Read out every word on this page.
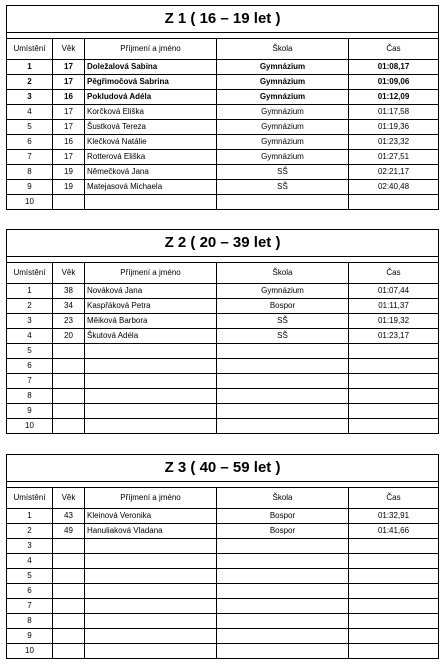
Z 1 ( 16 – 19 let )				

Umístění	Věk	Příjmení a jméno	Škola	Čas
1	17	Doležalová Sabina	Gymnázium	01:08,17
2	17	Pěgřimočová Sabrina	Gymnázium	01:09,06
3	16	Pokludová Adéla	Gymnázium	01:12,09
4	17	Korčková Eliška	Gymnázium	01:17,58
5	17	Šustková Tereza	Gymnázium	01:19,36
6	16	Klečková Natálie	Gymnázium	01:23,32
7	17	Rotterová Eliška	Gymnázium	01:27,51
8	19	Němečková Jana	SŠ	02:21,17
9	19	Matejasová Michaela	SŠ	02:40,48
10				
Z 2 ( 20 – 39 let )				

Umístění	Věk	Příjmení a jméno	Škola	Čas
1	38	Nováková Jana	Gymnázium	01:07,44
2	34	Kaspřáková Petra	Bospor	01:11,37
3	23	Měiková Barbora	SŠ	01:19,32
4	20	Škutová Adéla	SŠ	01:23,17
5				
6				
7				
8				
9				
10				
Z 3 ( 40 – 59 let )				

Umístění	Věk	Příjmení a jméno	Škola	Čas
1	43	Kleinová Veronika	Bospor	01:32,91
2	49	Hanuliaková Vladana	Bospor	01:41,66
3				
4				
5				
6				
7				
8				
9				
10				
